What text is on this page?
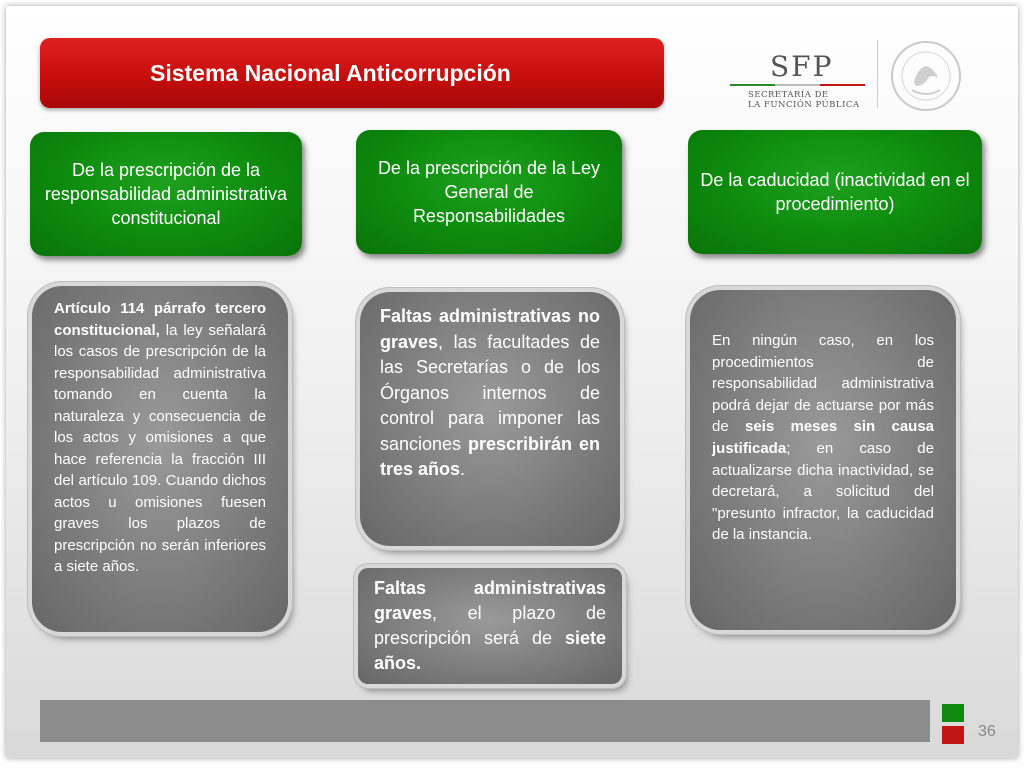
Sistema Nacional Anticorrupción	SFP
SECRETARÍA DE
LA FUNCIÓN PÚBLICA
De la prescripción de la responsabilidad administrativa constitucional
De la prescripción de la Ley General de Responsabilidades
De la caducidad (inactividad en el procedimiento)

Artículo 114 párrafo tercero constitucional, la ley señalará los casos de prescripción de la responsabilidad administrativa tomando en cuenta la naturaleza y consecuencia de los actos y omisiones a que hace referencia la fracción III del artículo 109. Cuando dichos actos u omisiones fuesen graves los plazos de prescripción no serán inferiores a siete años.

Faltas administrativas no graves, las facultades de las Secretarías o de los Órganos internos de control para imponer las sanciones prescribirán en tres años.

Faltas administrativas graves, el plazo de prescripción será de siete años.

En ningún caso, en los procedimientos de responsabilidad administrativa podrá dejar de actuarse por más de seis meses sin causa justificada; en caso de actualizarse dicha inactividad, se decretará, a solicitud del "presunto infractor, la caducidad de la instancia.

36
